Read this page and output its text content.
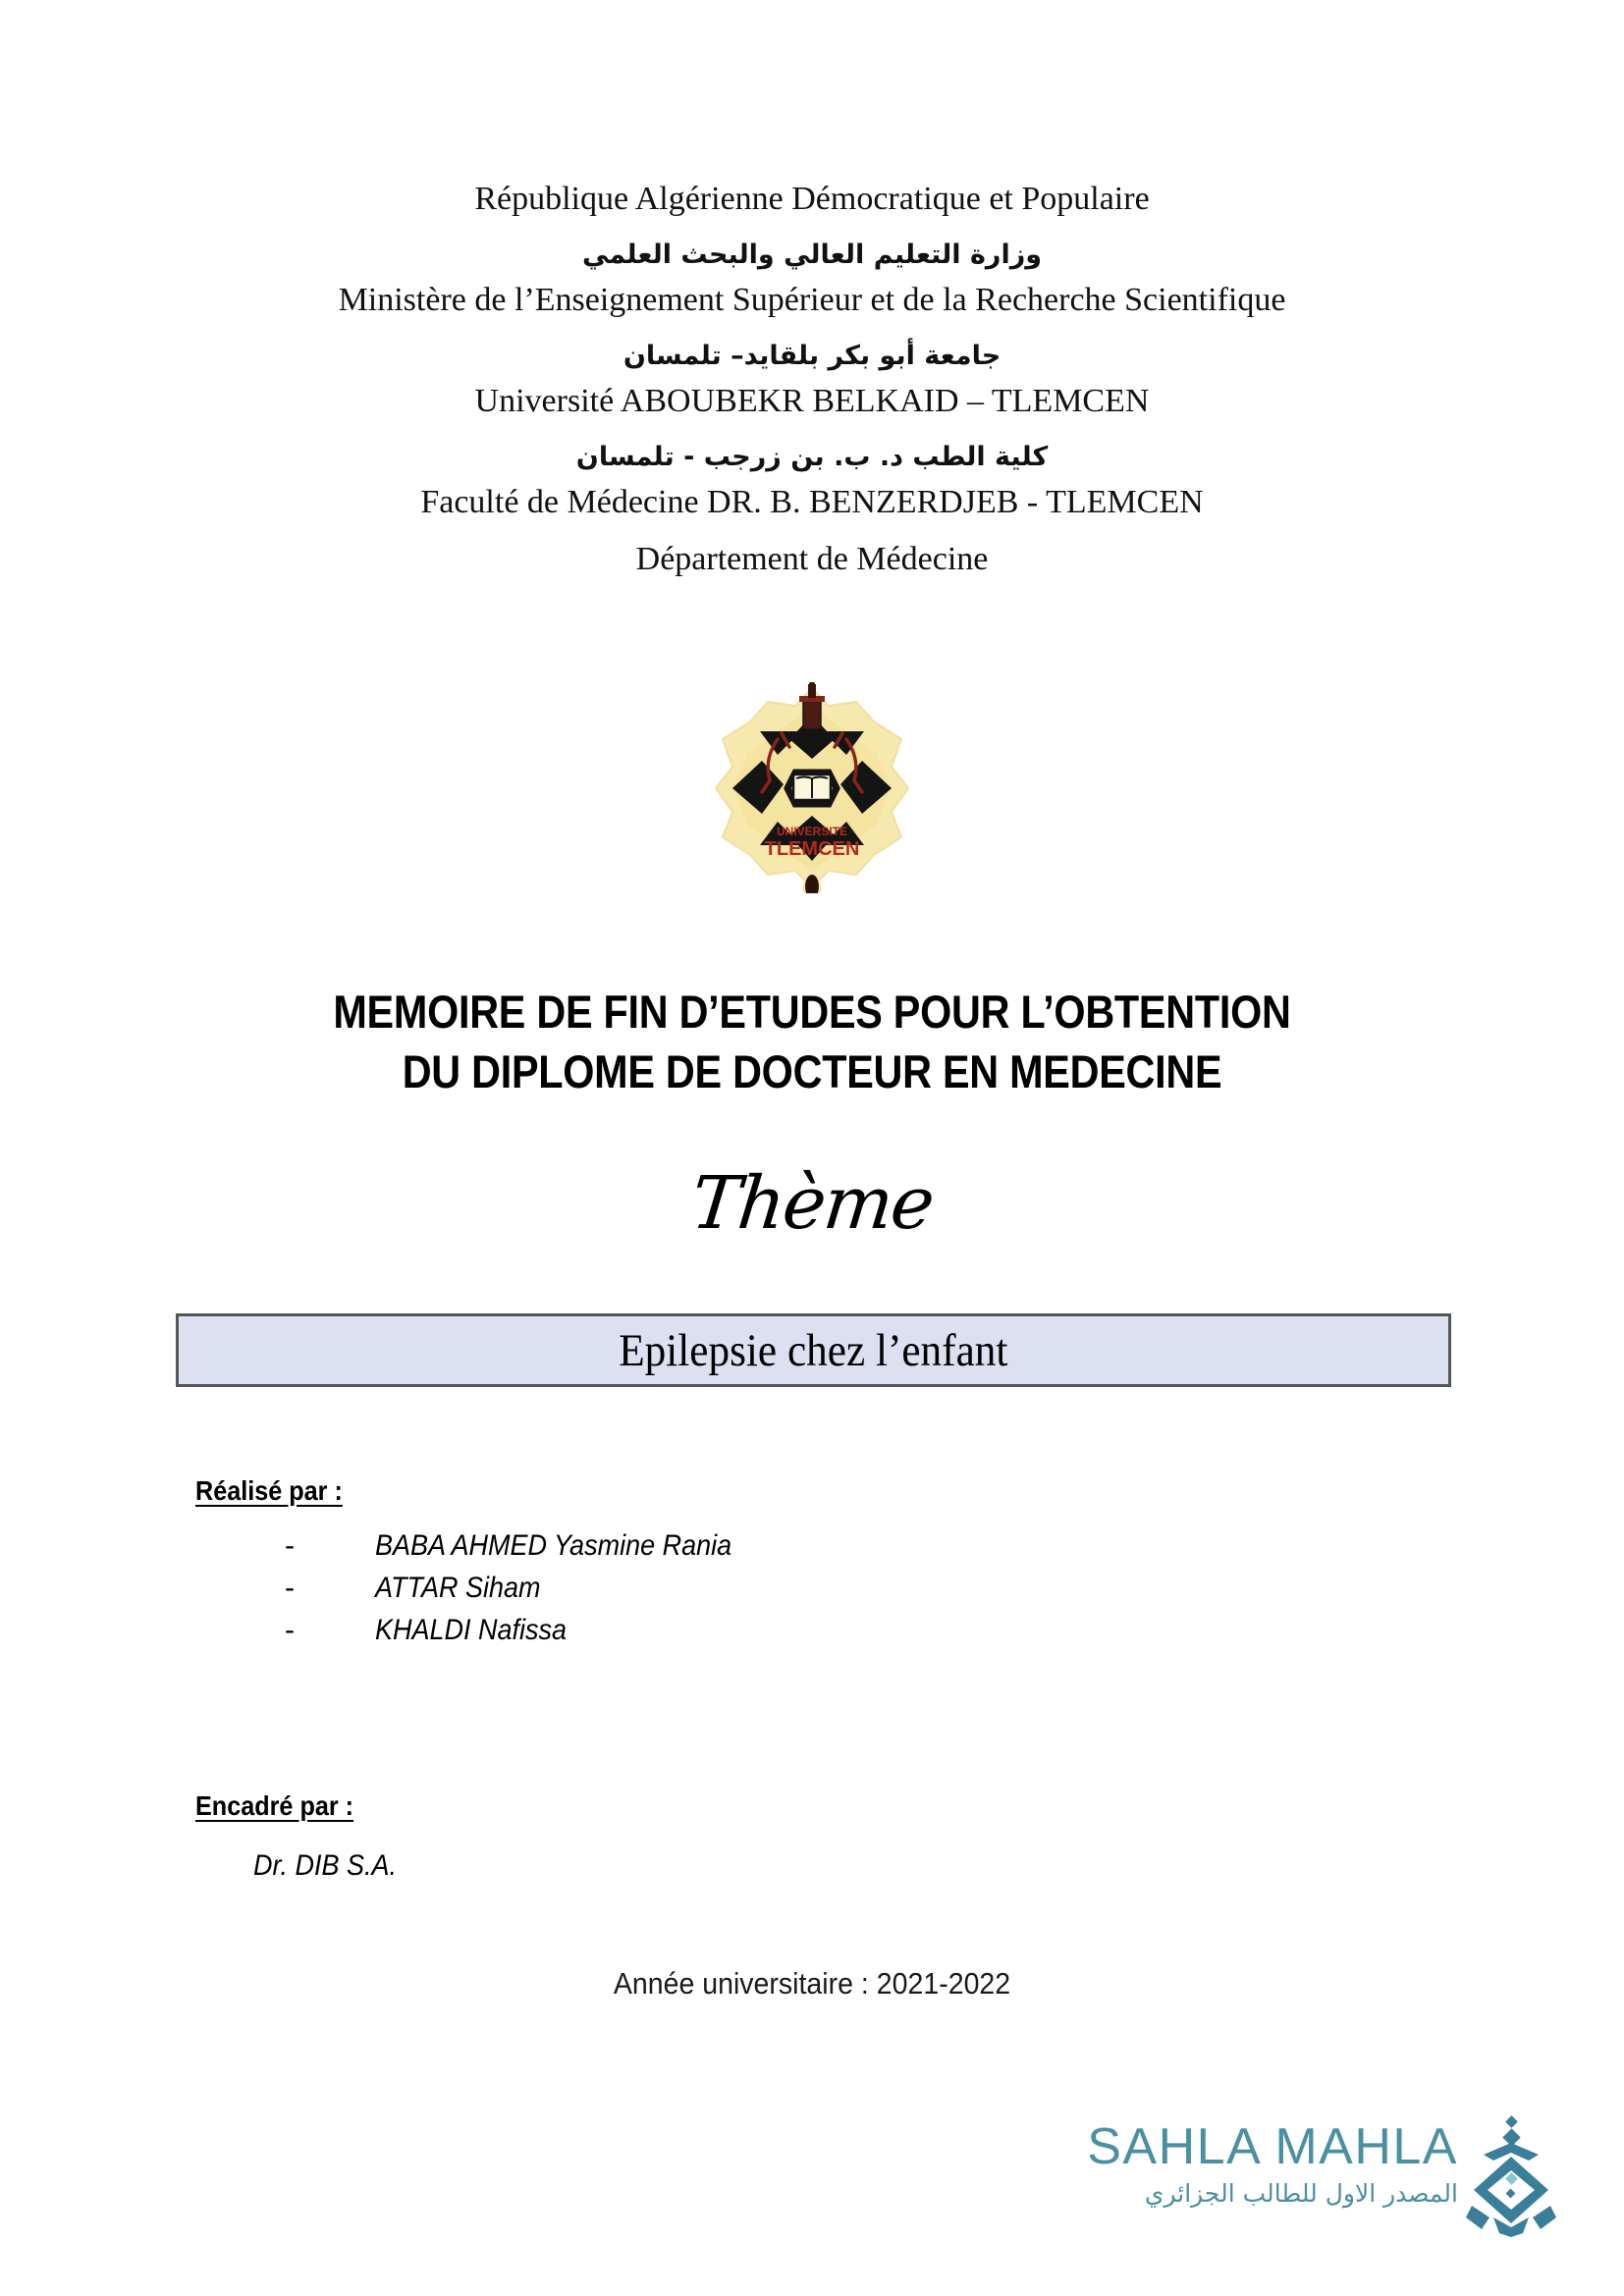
République Algérienne Démocratique et Populaire
وزارة التعليم العالي والبحث العلمي
Ministère de l’Enseignement Supérieur et de la Recherche Scientifique
جامعة أبو بكر بلقايد– تلمسان
Université ABOUBEKR BELKAID – TLEMCEN
كلية الطب د. ب. بن زرجب - تلمسان
Faculté de Médecine DR. B. BENZERDJEB - TLEMCEN
Département de Médecine
UNIVERSITE
TLEMCEN
MEMOIRE DE FIN D’ETUDES POUR L’OBTENTION
DU DIPLOME DE DOCTEUR EN MEDECINE
Thème
Epilepsie chez l’enfant
Réalisé par :
-	BABA AHMED Yasmine Rania
-	ATTAR Siham
-	KHALDI Nafissa
Encadré par :
Dr. DIB S.A.
Année universitaire : 2021-2022
SAHLA MAHLA
المصدر الاول للطالب الجزائري
